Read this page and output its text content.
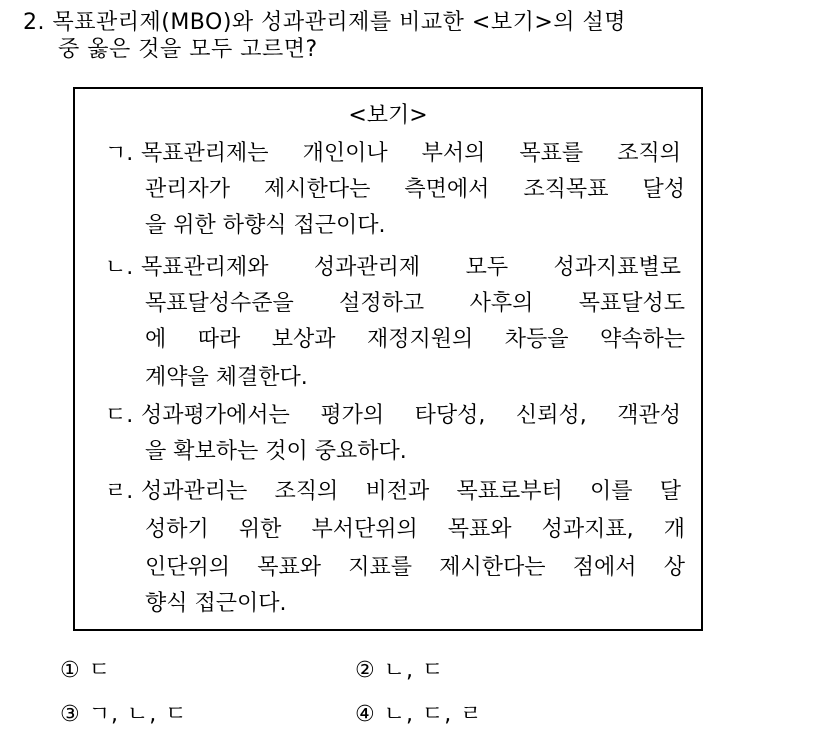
2. 목표관리제(MBO)와 성과관리제를 비교한 <보기>의 설명
중 옳은 것을 모두 고르면?
<보기>
ㄱ. 목표관리제는 개인이나 부서의 목표를 조직의
관리자가 제시한다는 측면에서 조직목표 달성
을 위한 하향식 접근이다.
ㄴ. 목표관리제와 성과관리제 모두 성과지표별로
목표달성수준을 설정하고 사후의 목표달성도
에 따라 보상과 재정지원의 차등을 약속하는
계약을 체결한다.
ㄷ. 성과평가에서는 평가의 타당성, 신뢰성, 객관성
을 확보하는 것이 중요하다.
ㄹ. 성과관리는 조직의 비전과 목표로부터 이를 달
성하기 위한 부서단위의 목표와 성과지표, 개
인단위의 목표와 지표를 제시한다는 점에서 상
향식 접근이다.
① ㄷ	② ㄴ, ㄷ
③ ㄱ, ㄴ, ㄷ	④ ㄴ, ㄷ, ㄹ
